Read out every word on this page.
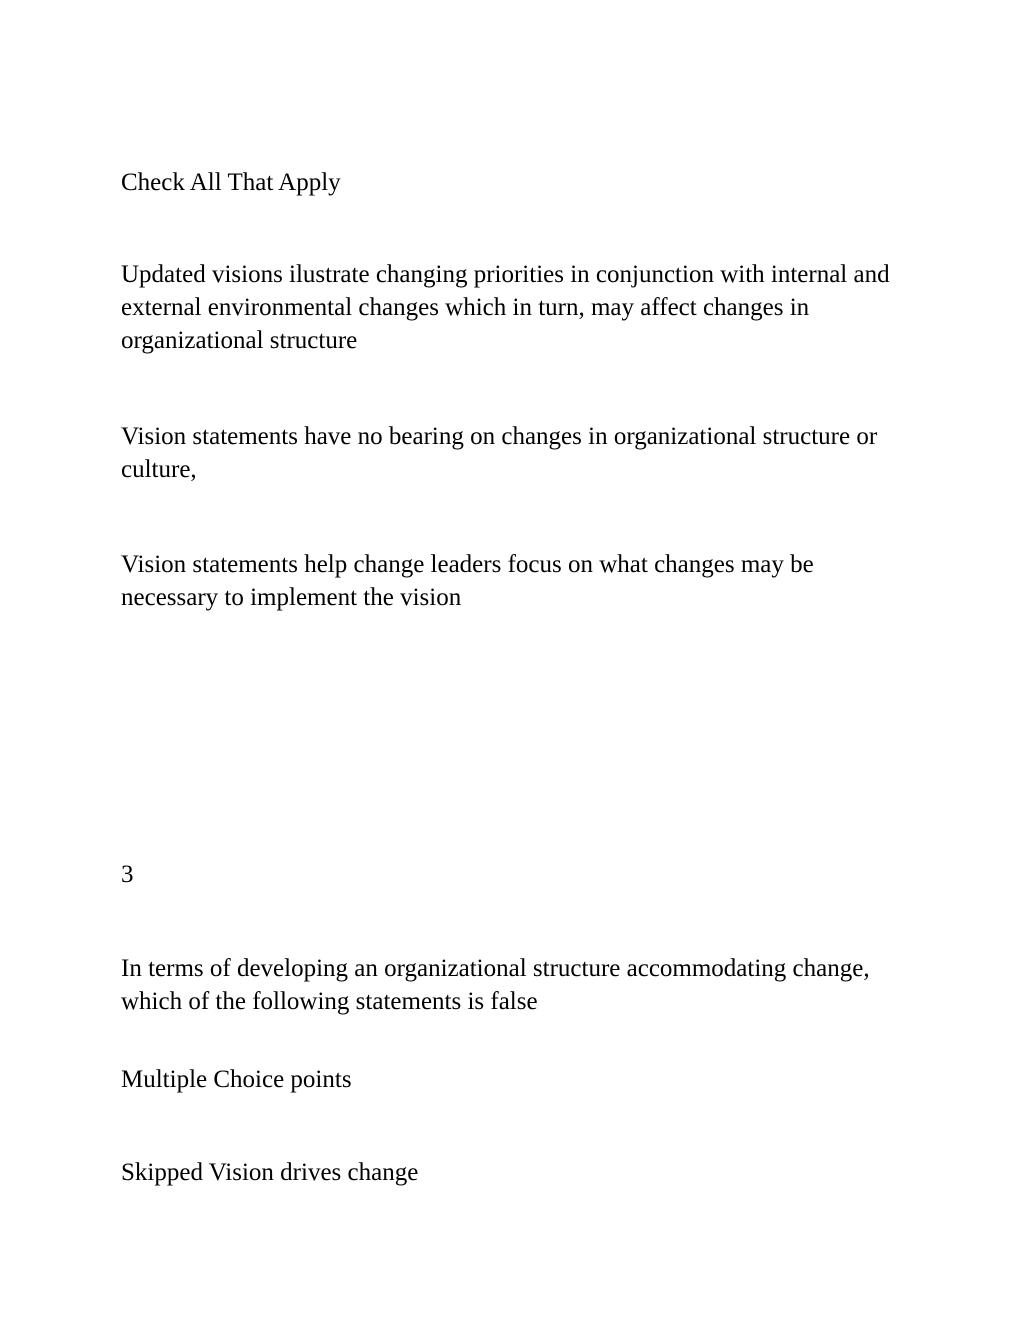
Check All That Apply

Updated visions ilustrate changing priorities in conjunction with internal and external environmental changes which in turn, may affect changes in organizational structure

Vision statements have no bearing on changes in organizational structure or culture,

Vision statements help change leaders focus on what changes may be necessary to implement the vision

3

In terms of developing an organizational structure accommodating change, which of the following statements is false

Multiple Choice points

Skipped Vision drives change
